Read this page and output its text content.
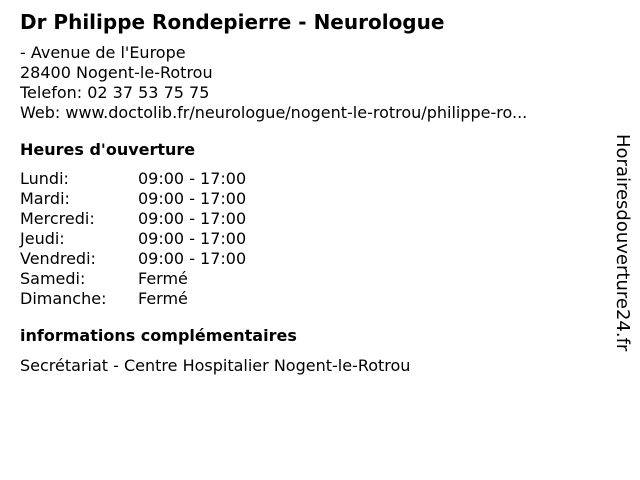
Dr Philippe Rondepierre - Neurologue
- Avenue de l'Europe
28400 Nogent-le-Rotrou
Telefon: 02 37 53 75 75
Web: www.doctolib.fr/neurologue/nogent-le-rotrou/philippe-ro...
Heures d'ouverture
Lundi:	09:00 - 17:00
Mardi:	09:00 - 17:00
Mercredi:	09:00 - 17:00
Jeudi:	09:00 - 17:00
Vendredi:	09:00 - 17:00
Samedi:	Fermé
Dimanche:	Fermé
informations complémentaires
Secrétariat - Centre Hospitalier Nogent-le-Rotrou
Horairesdouverture24.fr
